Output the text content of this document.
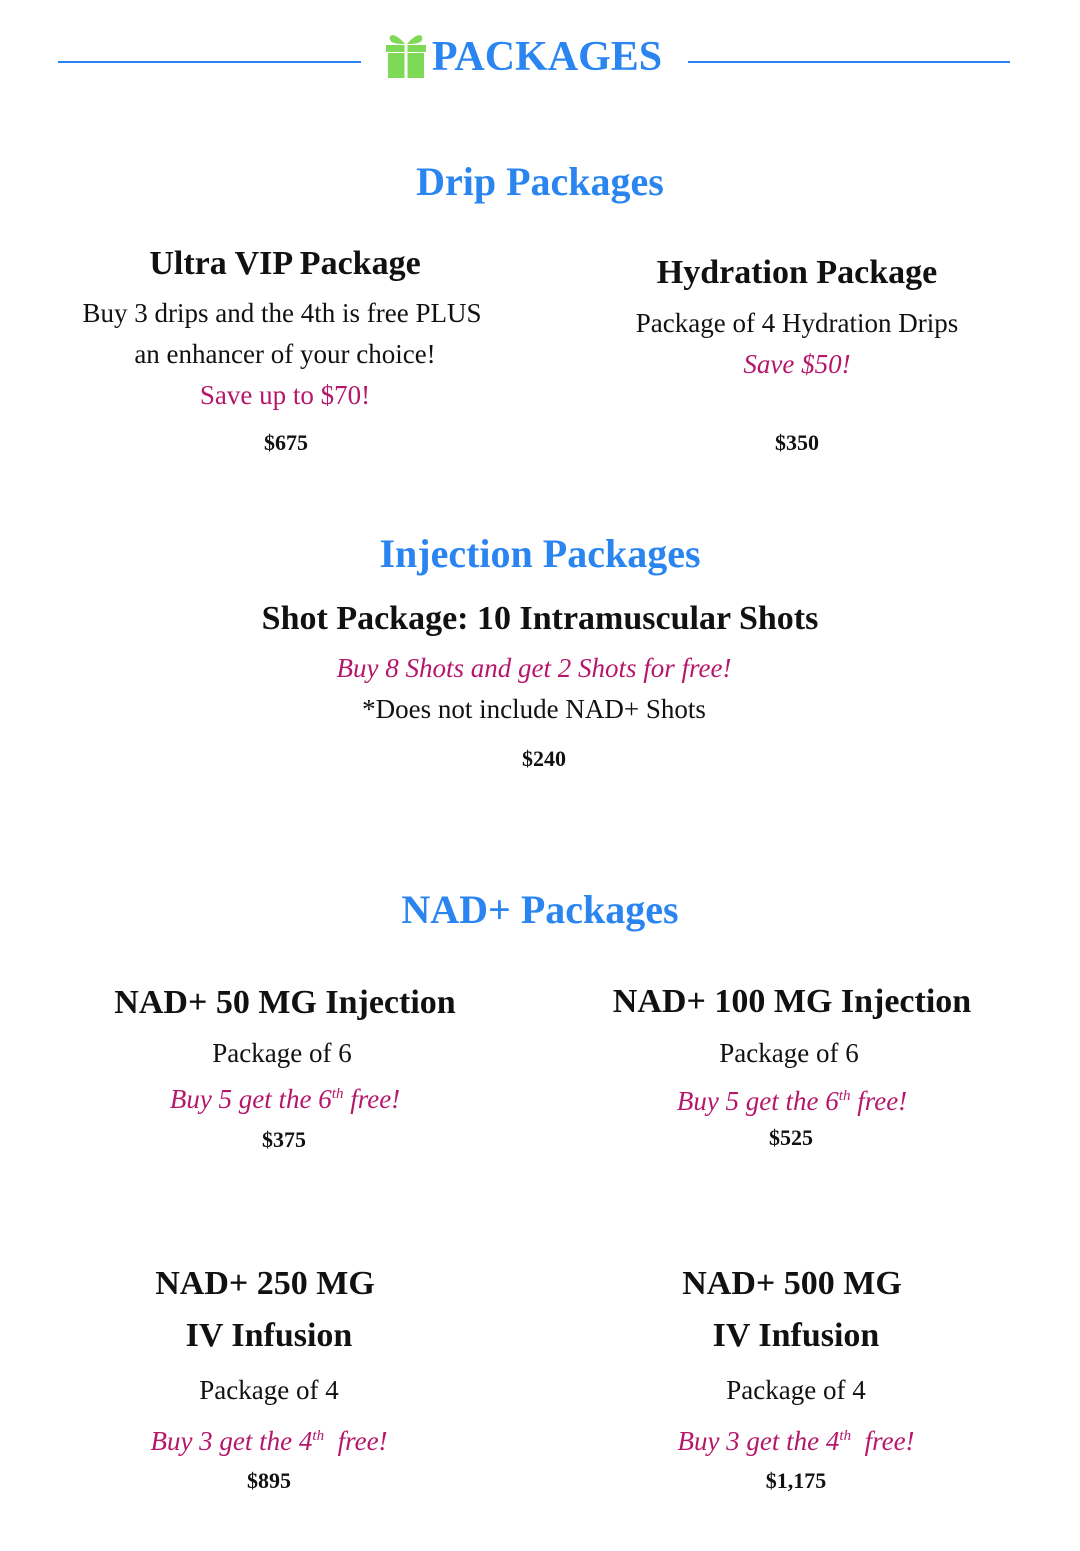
PACKAGES
Drip Packages
Ultra VIP Package
Buy 3 drips and the 4th is free PLUS
an enhancer of your choice!
Save up to $70!
$675
Hydration Package
Package of 4 Hydration Drips
Save $50!
$350
Injection Packages
Shot Package: 10 Intramuscular Shots
Buy 8 Shots and get 2 Shots for free!
*Does not include NAD+ Shots
$240
NAD+ Packages
NAD+ 50 MG Injection
Package of 6
Buy 5 get the 6th free!
$375
NAD+ 100 MG Injection
Package of 6
Buy 5 get the 6th free!
$525
NAD+ 250 MG
IV Infusion
Package of 4
Buy 3 get the 4th  free!
$895
NAD+ 500 MG
IV Infusion
Package of 4
Buy 3 get the 4th  free!
$1,175
